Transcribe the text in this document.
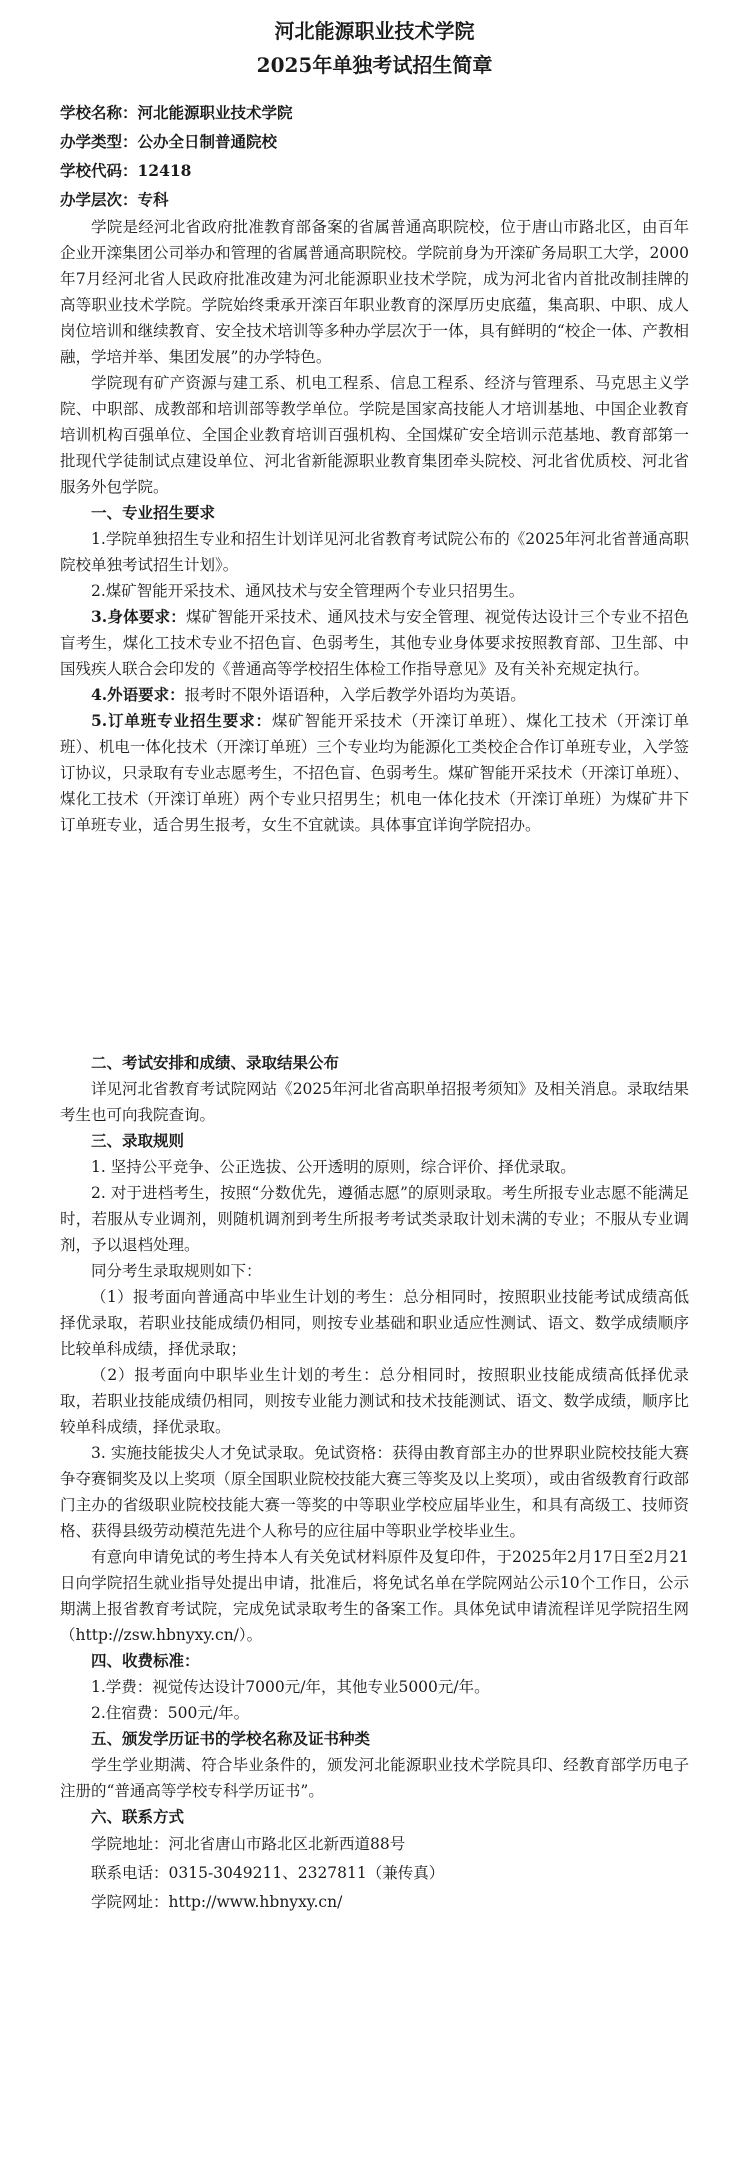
河北能源职业技术学院
2025年单独考试招生简章
学校名称：河北能源职业技术学院
办学类型：公办全日制普通院校
学校代码：12418
办学层次：专科

学院是经河北省政府批准教育部备案的省属普通高职院校，位于唐山市路北区，由百年企业开滦集团公司举办和管理的省属普通高职院校。学院前身为开滦矿务局职工大学，2000年7月经河北省人民政府批准改建为河北能源职业技术学院，成为河北省内首批改制挂牌的高等职业技术学院。学院始终秉承开滦百年职业教育的深厚历史底蕴，集高职、中职、成人岗位培训和继续教育、安全技术培训等多种办学层次于一体，具有鲜明的“校企一体、产教相融，学培并举、集团发展”的办学特色。

学院现有矿产资源与建工系、机电工程系、信息工程系、经济与管理系、马克思主义学院、中职部、成教部和培训部等教学单位。学院是国家高技能人才培训基地、中国企业教育培训机构百强单位、全国企业教育培训百强机构、全国煤矿安全培训示范基地、教育部第一批现代学徒制试点建设单位、河北省新能源职业教育集团牵头院校、河北省优质校、河北省服务外包学院。

一、专业招生要求

1.学院单独招生专业和招生计划详见河北省教育考试院公布的《2025年河北省普通高职院校单独考试招生计划》。

2.煤矿智能开采技术、通风技术与安全管理两个专业只招男生。

3.身体要求：煤矿智能开采技术、通风技术与安全管理、视觉传达设计三个专业不招色盲考生，煤化工技术专业不招色盲、色弱考生，其他专业身体要求按照教育部、卫生部、中国残疾人联合会印发的《普通高等学校招生体检工作指导意见》及有关补充规定执行。

4.外语要求：报考时不限外语语种，入学后教学外语均为英语。

5.订单班专业招生要求：煤矿智能开采技术（开滦订单班）、煤化工技术（开滦订单班）、机电一体化技术（开滦订单班）三个专业均为能源化工类校企合作订单班专业，入学签订协议，只录取有专业志愿考生，不招色盲、色弱考生。煤矿智能开采技术（开滦订单班）、煤化工技术（开滦订单班）两个专业只招男生；机电一体化技术（开滦订单班）为煤矿井下订单班专业，适合男生报考，女生不宜就读。具体事宜详询学院招办。

二、考试安排和成绩、录取结果公布

详见河北省教育考试院网站《2025年河北省高职单招报考须知》及相关消息。录取结果考生也可向我院查询。

三、录取规则

1. 坚持公平竞争、公正选拔、公开透明的原则，综合评价、择优录取。

2. 对于进档考生，按照“分数优先，遵循志愿”的原则录取。考生所报专业志愿不能满足时，若服从专业调剂，则随机调剂到考生所报考考试类录取计划未满的专业；不服从专业调剂，予以退档处理。

同分考生录取规则如下：

（1）报考面向普通高中毕业生计划的考生：总分相同时，按照职业技能考试成绩高低择优录取，若职业技能成绩仍相同，则按专业基础和职业适应性测试、语文、数学成绩顺序比较单科成绩，择优录取；

（2）报考面向中职毕业生计划的考生：总分相同时，按照职业技能成绩高低择优录取，若职业技能成绩仍相同，则按专业能力测试和技术技能测试、语文、数学成绩，顺序比较单科成绩，择优录取。

3. 实施技能拔尖人才免试录取。免试资格：获得由教育部主办的世界职业院校技能大赛争夺赛铜奖及以上奖项（原全国职业院校技能大赛三等奖及以上奖项），或由省级教育行政部门主办的省级职业院校技能大赛一等奖的中等职业学校应届毕业生，和具有高级工、技师资格、获得县级劳动模范先进个人称号的应往届中等职业学校毕业生。

有意向申请免试的考生持本人有关免试材料原件及复印件，于2025年2月17日至2月21日向学院招生就业指导处提出申请，批准后，将免试名单在学院网站公示10个工作日，公示期满上报省教育考试院，完成免试录取考生的备案工作。具体免试申请流程详见学院招生网（http://zsw.hbnyxy.cn/）。

四、收费标准：

1.学费：视觉传达设计7000元/年，其他专业5000元/年。

2.住宿费：500元/年。

五、颁发学历证书的学校名称及证书种类

学生学业期满、符合毕业条件的，颁发河北能源职业技术学院具印、经教育部学历电子注册的“普通高等学校专科学历证书”。

六、联系方式
学院地址：河北省唐山市路北区北新西道88号
联系电话：0315-3049211、2327811（兼传真）
学院网址：http://www.hbnyxy.cn/
